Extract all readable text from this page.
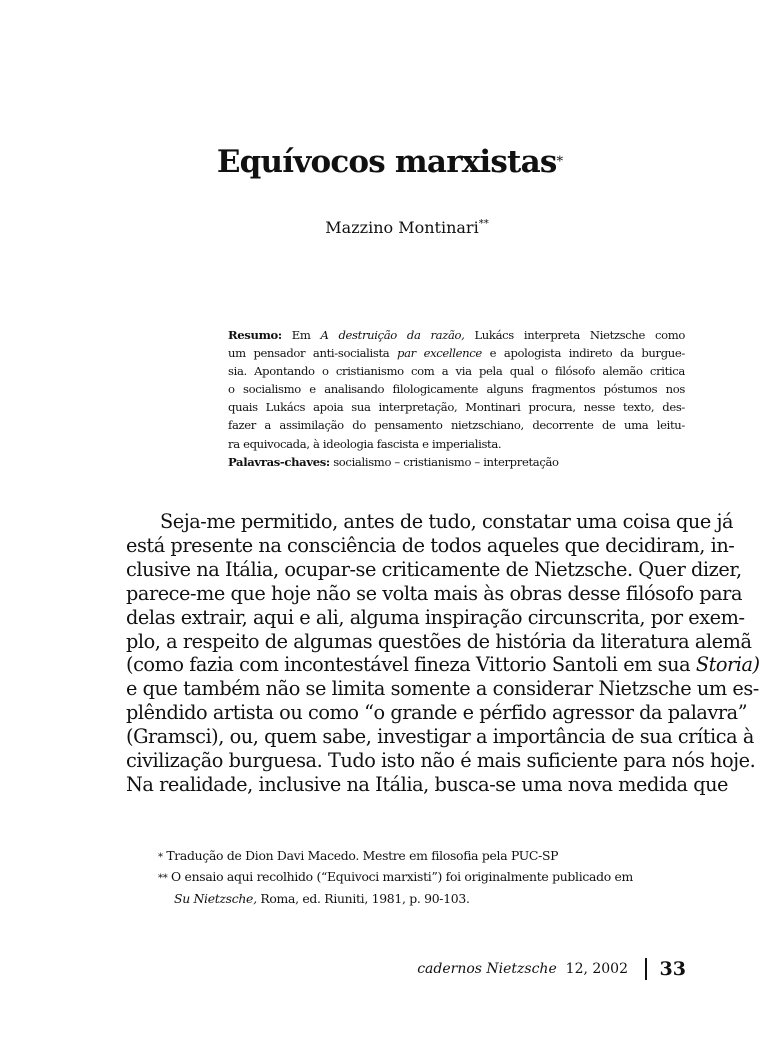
Equívocos marxistas*
Mazzino Montinari**
Resumo: Em A destruição da razão, Lukács interpreta Nietzsche como
um pensador anti-socialista par excellence e apologista indireto da burgue-
sia. Apontando o cristianismo com a via pela qual o filósofo alemão critica
o socialismo e analisando filologicamente alguns fragmentos póstumos nos
quais Lukács apoia sua interpretação, Montinari procura, nesse texto, des-
fazer a assimilação do pensamento nietzschiano, decorrente de uma leitu-
ra equivocada, à ideologia fascista e imperialista.
Palavras-chaves: socialismo – cristianismo – interpretação
Seja-me permitido, antes de tudo, constatar uma coisa que já
está presente na consciência de todos aqueles que decidiram, in-
clusive na Itália, ocupar-se criticamente de Nietzsche. Quer dizer,
parece-me que hoje não se volta mais às obras desse filósofo para
delas extrair, aqui e ali, alguma inspiração circunscrita, por exem-
plo, a respeito de algumas questões de história da literatura alemã
(como fazia com incontestável fineza Vittorio Santoli em sua Storia)
e que também não se limita somente a considerar Nietzsche um es-
plêndido artista ou como “o grande e pérfido agressor da palavra”
(Gramsci), ou, quem sabe, investigar a importância de sua crítica à
civilização burguesa. Tudo isto não é mais suficiente para nós hoje.
Na realidade, inclusive na Itália, busca-se uma nova medida que
* Tradução de Dion Davi Macedo. Mestre em filosofia pela PUC-SP
** O ensaio aqui recolhido (“Equivoci marxisti”) foi originalmente publicado em
Su Nietzsche, Roma, ed. Riuniti, 1981, p. 90-103.
cadernos Nietzsche 12, 2002 33
